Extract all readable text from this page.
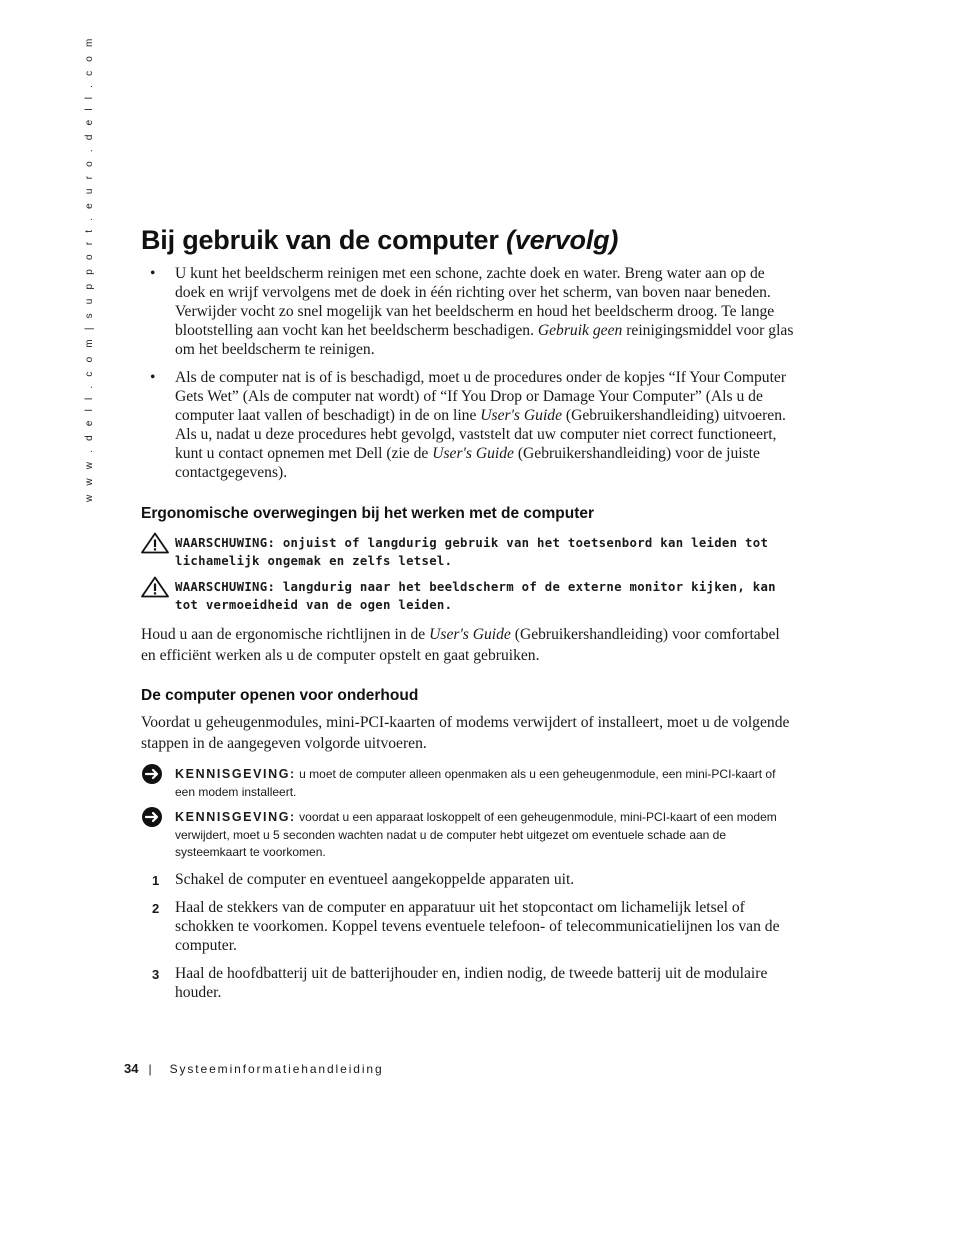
w w w . d e l l . c o m | s u p p o r t . e u r o . d e l l . c o m Bij gebruik van de computer (vervolg)
• U kunt het beeldscherm reinigen met een schone, zachte doek en water. Breng water aan op de doek en wrijf vervolgens met de doek in één richting over het scherm, van boven naar beneden. Verwijder vocht zo snel mogelijk van het beeldscherm en houd het beeldscherm droog. Te lange blootstelling aan vocht kan het beeldscherm beschadigen. Gebruik geen reinigingsmiddel voor glas om het beeldscherm te reinigen.
• Als de computer nat is of is beschadigd, moet u de procedures onder de kopjes “If Your Computer Gets Wet” (Als de computer nat wordt) of “If You Drop or Damage Your Computer” (Als u de computer laat vallen of beschadigt) in de on line User's Guide (Gebruikershandleiding) uitvoeren. Als u, nadat u deze procedures hebt gevolgd, vaststelt dat uw computer niet correct functioneert, kunt u contact opnemen met Dell (zie de User's Guide (Gebruikershandleiding) voor de juiste contactgegevens).
Ergonomische overwegingen bij het werken met de computer
WAARSCHUWING: onjuist of langdurig gebruik van het toetsenbord kan leiden tot lichamelijk ongemak en zelfs letsel.
WAARSCHUWING: langdurig naar het beeldscherm of de externe monitor kijken, kan tot vermoeidheid van de ogen leiden.

Houd u aan de ergonomische richtlijnen in de User's Guide (Gebruikershandleiding) voor comfortabel en efficiënt werken als u de computer opstelt en gaat gebruiken.

De computer openen voor onderhoud

Voordat u geheugenmodules, mini-PCI-kaarten of modems verwijdert of installeert, moet u de volgende stappen in de aangegeven volgorde uitvoeren.

KENNISGEVING: u moet de computer alleen openmaken als u een geheugenmodule, een mini-PCI-kaart of een modem installeert.
KENNISGEVING: voordat u een apparaat loskoppelt of een geheugenmodule, mini-PCI-kaart of een modem verwijdert, moet u 5 seconden wachten nadat u de computer hebt uitgezet om eventuele schade aan de systeemkaart te voorkomen.
1 Schakel de computer en eventueel aangekoppelde apparaten uit.
2 Haal de stekkers van de computer en apparatuur uit het stopcontact om lichamelijk letsel of schokken te voorkomen. Koppel tevens eventuele telefoon- of telecommunicatielijnen los van de computer.
3 Haal de hoofdbatterij uit de batterijhouder en, indien nodig, de tweede batterij uit de modulaire houder.
34 | Systeeminformatiehandleiding
